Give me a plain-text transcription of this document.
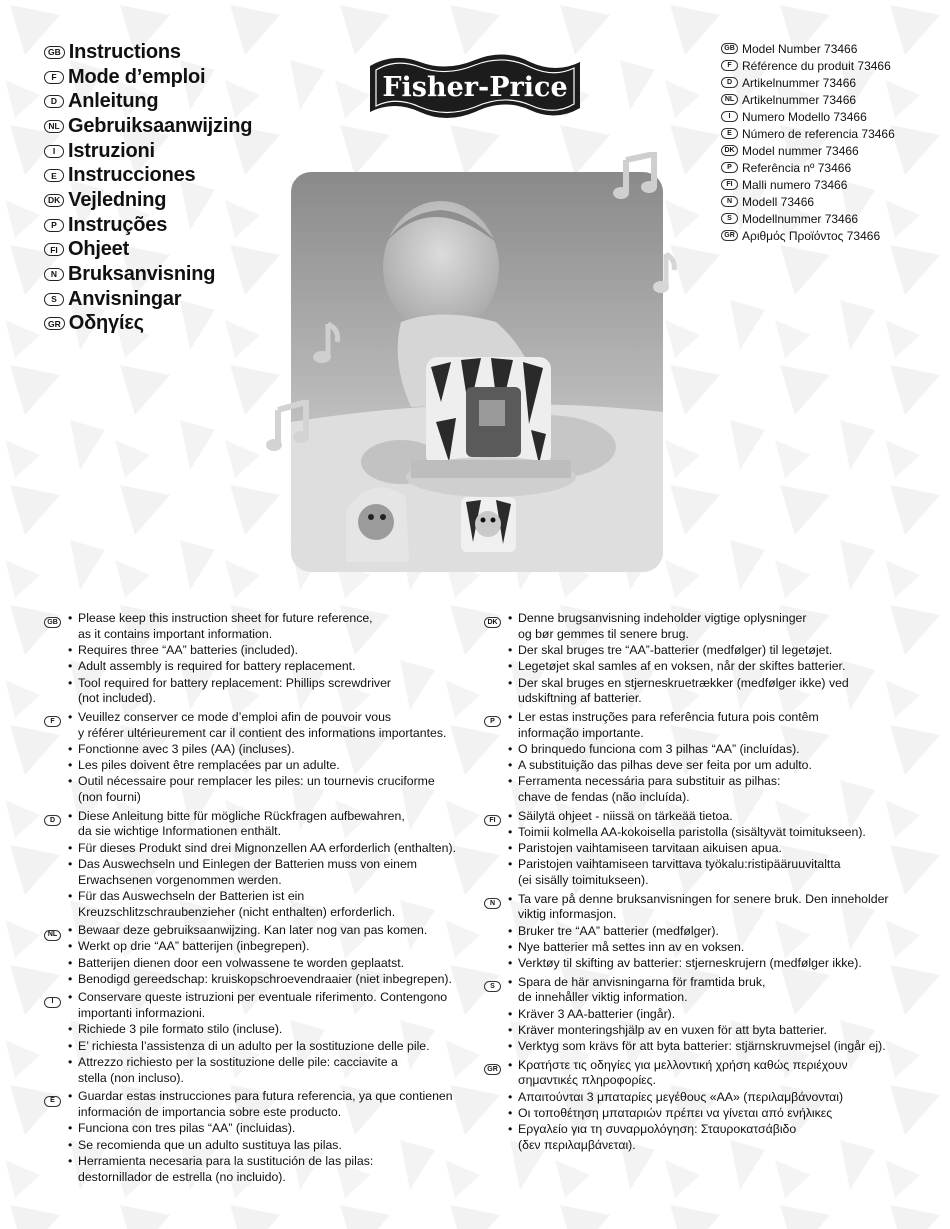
GB Instructions
F Mode d’emploi
D Anleitung
NL Gebruiksaanwijzing
I Istruzioni
E Instrucciones
DK Vejledning
P Instruções
FI Ohjeet
N Bruksanvisning
S Anvisningar
GR Οδηγίες
Fisher-Price
GB Model Number 73466
F Référence du produit 73466
D Artikelnummer 73466
NL Artikelnummer 73466
I Numero Modello 73466
E Número de referencia 73466
DK Model nummer 73466
P Referência nº 73466
FI Malli numero 73466
N Modell 73466
S Modellnummer 73466
GR Αριθμός Προϊόντος 73466
GB • Please keep this instruction sheet for future reference,
as it contains important information.
• Requires three “AA” batteries (included).
• Adult assembly is required for battery replacement.
• Tool required for battery replacement: Phillips screwdriver
(not included).
F	• Veuillez conserver ce mode d’emploi afin de pouvoir vous
y référer ultérieurement car il contient des informations importantes.
• Fonctionne avec 3 piles (AA) (incluses).
• Les piles doivent être remplacées par un adulte.
• Outil nécessaire pour remplacer les piles: un tournevis cruciforme
(non fourni)
D	• Diese Anleitung bitte für mögliche Rückfragen aufbewahren,
da sie wichtige Informationen enthält.
• Für dieses Produkt sind drei Mignonzellen AA erforderlich (enthalten).
• Das Auswechseln und Einlegen der Batterien muss von einem
Erwachsenen vorgenommen werden.
• Für das Auswechseln der Batterien ist ein
Kreuzschlitzschraubenzieher (nicht enthalten) erforderlich.
NL • Bewaar deze gebruiksaanwijzing. Kan later nog van pas komen.
• Werkt op drie “AA” batterijen (inbegrepen).
• Batterijen dienen door een volwassene te worden geplaatst.
• Benodigd gereedschap: kruiskopschroevendraaier (niet inbegrepen).
I	• Conservare queste istruzioni per eventuale riferimento. Contengono
importanti informazioni.
• Richiede 3 pile formato stilo (incluse).
• E’ richiesta l’assistenza di un adulto per la sostituzione delle pile.
• Attrezzo richiesto per la sostituzione delle pile: cacciavite a
stella (non incluso).
E	• Guardar estas instrucciones para futura referencia, ya que contienen
información de importancia sobre este producto.
• Funciona con tres pilas “AA” (incluidas).
• Se recomienda que un adulto sustituya las pilas.
• Herramienta necesaria para la sustitución de las pilas:
destornillador de estrella (no incluido).
DK • Denne brugsanvisning indeholder vigtige oplysninger
og bør gemmes til senere brug.
• Der skal bruges tre “AA”-batterier (medfølger) til legetøjet.
• Legetøjet skal samles af en voksen, når der skiftes batterier.
• Der skal bruges en stjerneskruetrækker (medfølger ikke) ved
udskiftning af batterier.
P	• Ler estas instruções para referência futura pois contêm
informação importante.
• O brinquedo funciona com 3 pilhas “AA” (incluídas).
• A substituição das pilhas deve ser feita por um adulto.
• Ferramenta necessária para substituir as pilhas:
chave de fendas (não incluída).
FI	• Säilytä ohjeet - niissä on tärkeää tietoa.
• Toimii kolmella AA-kokoisella paristolla (sisältyvät toimitukseen).
• Paristojen vaihtamiseen tarvitaan aikuisen apua.
• Paristojen vaihtamiseen tarvittava työkalu:ristipääruuvitaltta
(ei sisälly toimitukseen).
N	• Ta vare på denne bruksanvisningen for senere bruk. Den inneholder
viktig informasjon.
• Bruker tre “AA” batterier (medfølger).
• Nye batterier må settes inn av en voksen.
• Verktøy til skifting av batterier: stjerneskrujern (medfølger ikke).
S	• Spara de här anvisningarna för framtida bruk,
de innehåller viktig information.
• Kräver 3 AA-batterier (ingår).
• Kräver monteringshjälp av en vuxen för att byta batterier.
• Verktyg som krävs för att byta batterier: stjärnskruvmejsel (ingår ej).
GR • Κρατήστε τις οδηγίες για μελλοντική χρήση καθώς περιέχουν
σημαντικές πληροφορίες.
• Απαιτούνται 3 μπαταρίες μεγέθους «AA» (περιλαμβάνονται)
• Οι τοποθέτηση μπαταριών πρέπει να γίνεται από ενήλικες
• Εργαλείο για τη συναρμολόγηση: Σταυροκατσάβιδο
(δεν περιλαμβάνεται).
